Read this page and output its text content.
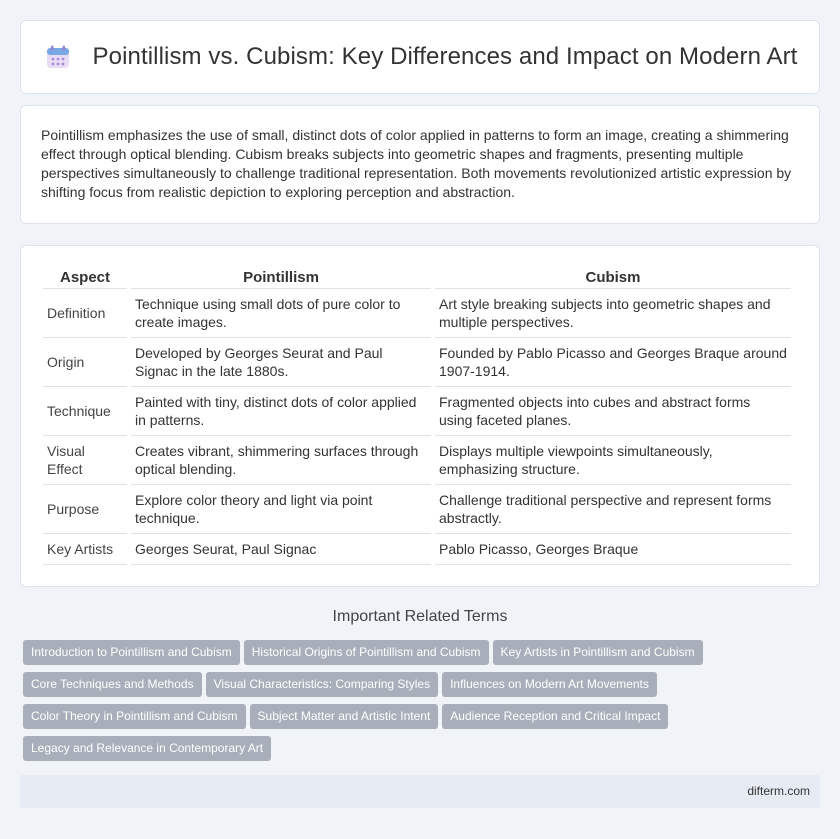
Pointillism vs. Cubism: Key Differences and Impact on Modern Art

Pointillism emphasizes the use of small, distinct dots of color applied in patterns to form an image, creating a shimmering effect through optical blending. Cubism breaks subjects into geometric shapes and fragments, presenting multiple perspectives simultaneously to challenge traditional representation. Both movements revolutionized artistic expression by shifting focus from realistic depiction to exploring perception and abstraction.

Aspect	Pointillism	Cubism
Definition	Technique using small dots of pure color to create images.	Art style breaking subjects into geometric shapes and multiple perspectives.
Origin	Developed by Georges Seurat and Paul Signac in the late 1880s.	Founded by Pablo Picasso and Georges Braque around 1907-1914.
Technique	Painted with tiny, distinct dots of color applied in patterns.	Fragmented objects into cubes and abstract forms using faceted planes.
Visual Effect	Creates vibrant, shimmering surfaces through optical blending.	Displays multiple viewpoints simultaneously, emphasizing structure.
Purpose	Explore color theory and light via point technique.	Challenge traditional perspective and represent forms abstractly.
Key Artists	Georges Seurat, Paul Signac	Pablo Picasso, Georges Braque
Important Related Terms
Introduction to Pointillism and Cubism Historical Origins of Pointillism and Cubism Key Artists in Pointillism and Cubism
Core Techniques and Methods Visual Characteristics: Comparing Styles Influences on Modern Art Movements
Color Theory in Pointillism and Cubism Subject Matter and Artistic Intent Audience Reception and Critical Impact
Legacy and Relevance in Contemporary Art
difterm.com
